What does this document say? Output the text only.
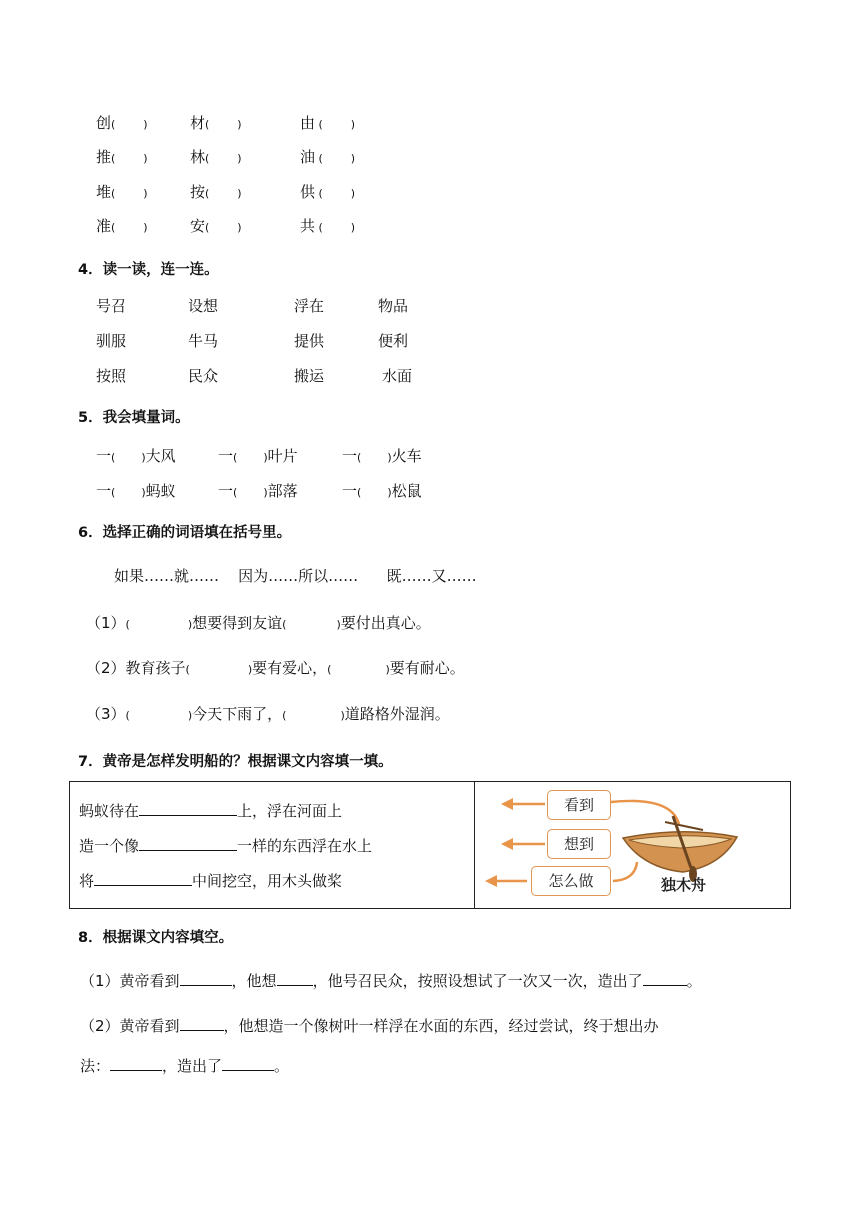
创(        )	材(        )	由 (        )
推(        )	林(        )	油 (        )
堆(        )	按(        )	供 (        )
准(        )	安(        )	共 (        )
4．读一读，连一连。
号召	设想	浮在	物品
驯服	牛马	提供	便利
按照	民众	搬运	水面
5．我会填量词。
一( )大风	一( )叶片	一( )火车
一( )蚂蚁	一( )部落	一( )松鼠
6．选择正确的词语填在括号里。
如果……就……    因为……所以……      既……又……
（1）(	)想要得到友谊(	)要付出真心。
（2）教育孩子(	)要有爱心，(	)要有耐心。
（3）(	)今天下雨了，(	)道路格外湿润。
7．黄帝是怎样发明船的？根据课文内容填一填。
蚂蚁待在	上，浮在河面上
造一个像	一样的东西浮在水上
将	中间挖空，用木头做桨

看到
想到
怎么做	独木舟
8．根据课文内容填空。
（1）黄帝看到	，他想 ，他号召民众，按照设想试了一次又一次，造出了	。
（2）黄帝看到	，他想造一个像树叶一样浮在水面的东西，经过尝试，终于想出办
法：	，造出了	。
